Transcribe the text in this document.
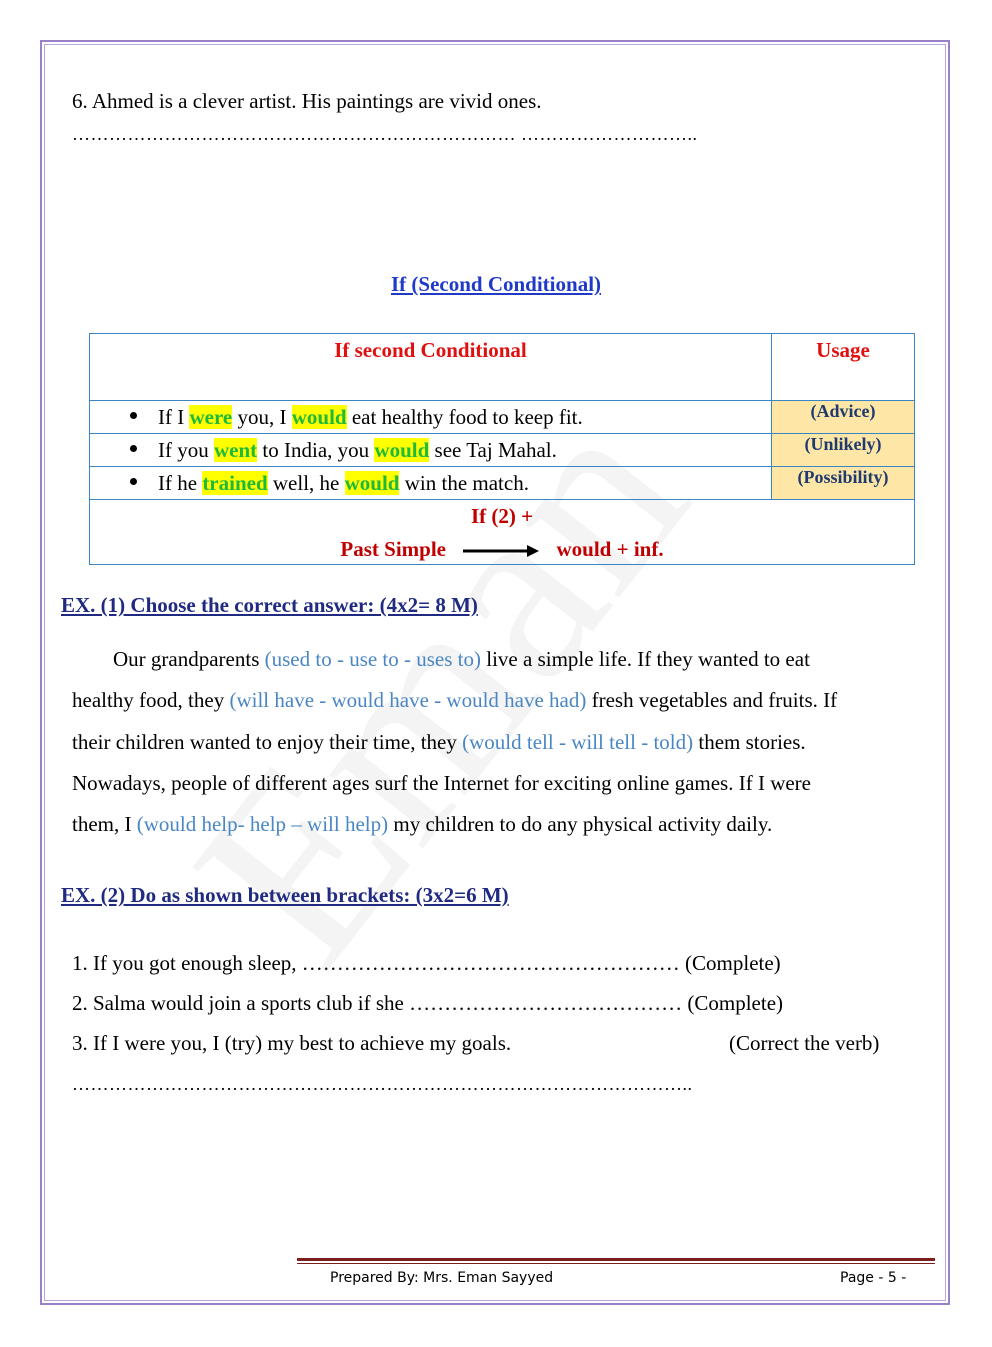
6. Ahmed is a clever artist. His paintings are vivid ones.
……………………………………………………………… ………………………..
If (Second Conditional)
If second Conditional	Usage

If I were you, I would eat healthy food to keep fit.	(Advice)

If you went to India, you would see Taj Mahal.	(Unlikely)

If he trained well, he would win the match.	(Possibility)

If (2) +
Past Simple would + inf.	
EX. (1) Choose the correct answer: (4x2= 8 M)
Our grandparents (used to - use to - uses to) live a simple life. If they wanted to eat
healthy food, they (will have - would have - would have had) fresh vegetables and fruits. If
their children wanted to enjoy their time, they (would tell - will tell - told) them stories.
Nowadays, people of different ages surf the Internet for exciting online games. If I were
them, I (would help- help – will help) my children to do any physical activity daily.
EX. (2) Do as shown between brackets: (3x2=6 M)
1. If you got enough sleep, ……………………………………………… (Complete)
2. Salma would join a sports club if she ………………………………… (Complete)
3. If I were you, I (try) my best to achieve my goals.	(Correct the verb)
………………………………………………………………………………………..
Prepared By: Mrs. Eman Sayyed	Page - 5 -
